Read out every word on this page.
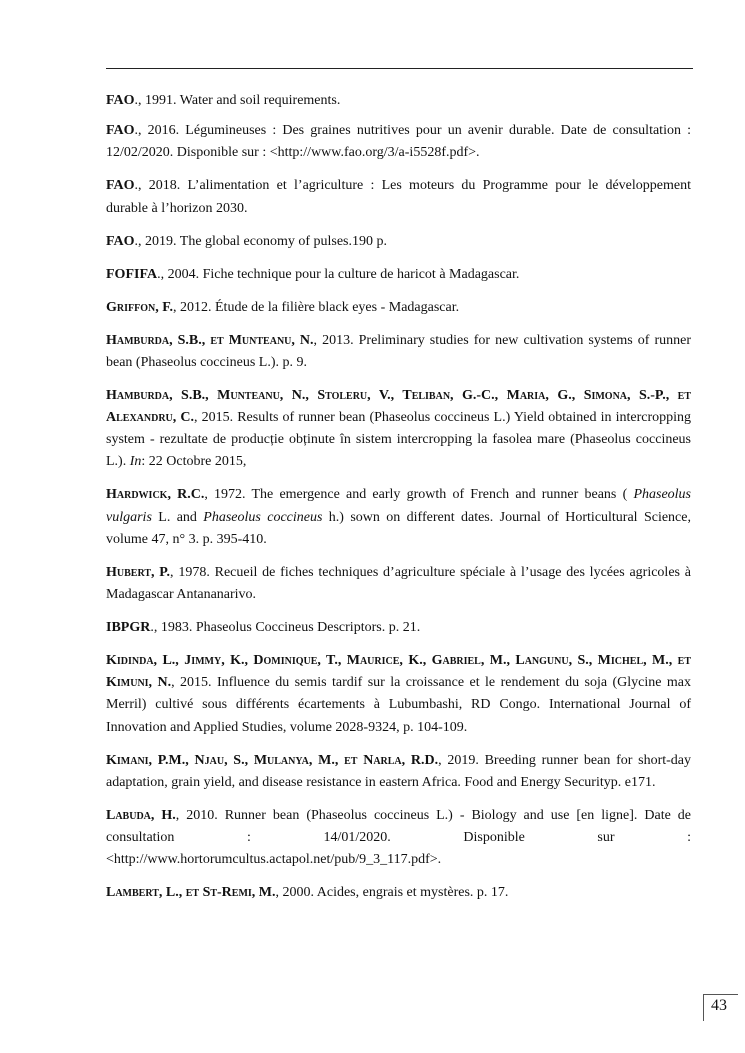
FAO., 1991. Water and soil requirements.

FAO., 2016. Légumineuses : Des graines nutritives pour un avenir durable. Date de consultation : 12/02/2020. Disponible sur : <http://www.fao.org/3/a-i5528f.pdf>.

FAO., 2018. L’alimentation et l’agriculture : Les moteurs du Programme pour le développement durable à l’horizon 2030.

FAO., 2019. The global economy of pulses.190 p.

FOFIFA., 2004. Fiche technique pour la culture de haricot à Madagascar.

Griffon, F., 2012. Étude de la filière black eyes - Madagascar.

Hamburda, S.B., et Munteanu, N., 2013. Preliminary studies for new cultivation systems of runner bean (Phaseolus coccineus L.). p. 9.

Hamburda, S.B., Munteanu, N., Stoleru, V., Teliban, G.-C., Maria, G., Simona, S.-P., et Alexandru, C., 2015. Results of runner bean (Phaseolus coccineus L.) Yield obtained in intercropping system - rezultate de producție obținute în sistem intercropping la fasolea mare (Phaseolus coccineus L.). In: 22 Octobre 2015,

Hardwick, R.C., 1972. The emergence and early growth of French and runner beans ( Phaseolus vulgaris L. and Phaseolus coccineus h.) sown on different dates. Journal of Horticultural Science, volume 47, n° 3. p. 395-410.

Hubert, P., 1978. Recueil de fiches techniques d’agriculture spéciale à l’usage des lycées agricoles à Madagascar Antananarivo.

IBPGR., 1983. Phaseolus Coccineus Descriptors. p. 21.

Kidinda, L., Jimmy, K., Dominique, T., Maurice, K., Gabriel, M., Langunu, S., Michel, M., et Kimuni, N., 2015. Influence du semis tardif sur la croissance et le rendement du soja (Glycine max Merril) cultivé sous différents écartements à Lubumbashi, RD Congo. International Journal of Innovation and Applied Studies, volume 2028-9324, p. 104-109.

Kimani, P.M., Njau, S., Mulanya, M., et Narla, R.D., 2019. Breeding runner bean for short-day adaptation, grain yield, and disease resistance in eastern Africa. Food and Energy Securityp. e171.

Labuda, H., 2010. Runner bean (Phaseolus coccineus L.) - Biology and use [en ligne]. Date de consultation : 14/01/2020. Disponible sur :
<http://www.hortorumcultus.actapol.net/pub/9_3_117.pdf>.

Lambert, L., et St-Remi, M., 2000. Acides, engrais et mystères. p. 17.

43
